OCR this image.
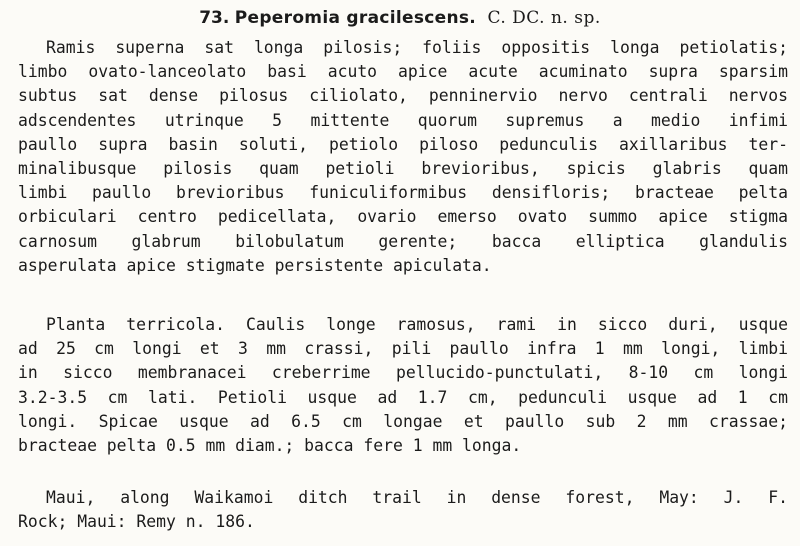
73. Peperomia gracilescens. C. DC. n. sp.
Ramis superna sat longa pilosis; foliis oppositis longa petiolatis;
limbo ovato-lanceolato basi acuto apice acute acuminato supra sparsim
subtus sat dense pilosus ciliolato, penninervio nervo centrali nervos
adscendentes utrinque 5 mittente quorum supremus a medio infimi
paullo supra basin soluti, petiolo piloso pedunculis axillaribus ter-
minalibusque pilosis quam petioli brevioribus, spicis glabris quam
limbi paullo brevioribus funiculiformibus densifloris; bracteae pelta
orbiculari centro pedicellata, ovario emerso ovato summo apice stigma
carnosum glabrum bilobulatum gerente; bacca elliptica glandulis
asperulata apice stigmate persistente apiculata.
Planta terricola. Caulis longe ramosus, rami in sicco duri, usque
ad 25 cm longi et 3 mm crassi, pili paullo infra 1 mm longi, limbi
in sicco membranacei creberrime pellucido-punctulati, 8-10 cm longi
3.2-3.5 cm lati. Petioli usque ad 1.7 cm, pedunculi usque ad 1 cm
longi. Spicae usque ad 6.5 cm longae et paullo sub 2 mm crassae;
bracteae pelta 0.5 mm diam.; bacca fere 1 mm longa.
Maui, along Waikamoi ditch trail in dense forest, May: J. F.
Rock; Maui: Remy n. 186.
